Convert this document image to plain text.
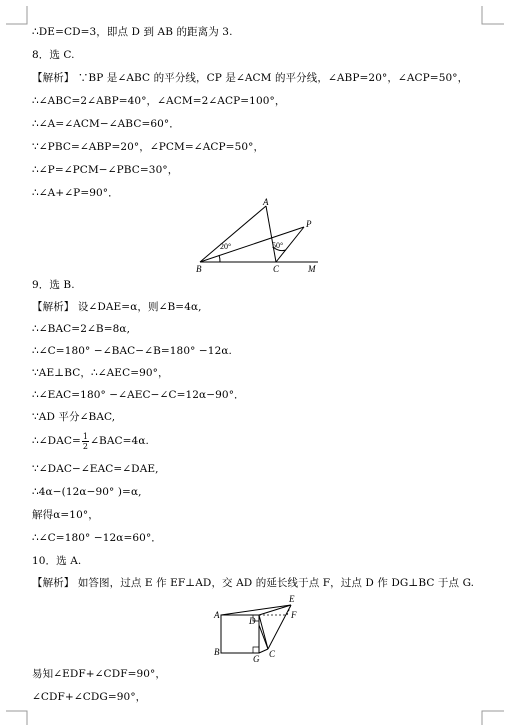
∴DE=CD=3，即点 D 到 AB 的距离为 3.
8．选 C.
【解析】 ∵BP 是∠ABC 的平分线，CP 是∠ACM 的平分线，∠ABP=20°，∠ACP=50°，
∴∠ABC=2∠ABP=40°，∠ACM=2∠ACP=100°，
∴∠A=∠ACM−∠ABC=60°．
∵∠PBC=∠ABP=20°，∠PCM=∠ACP=50°，
∴∠P=∠PCM−∠PBC=30°，
∴∠A+∠P=90°．
A
B	C
P
M
20°	50°
9．选 B.
【解析】 设∠DAE=α，则∠B=4α,
∴∠BAC=2∠B=8α,
∴∠C=180° −∠BAC−∠B=180° −12α.
∵AE⊥BC，∴∠AEC=90°，
∴∠EAC=180° −∠AEC−∠C=12α−90°．
∵AD 平分∠BAC,
∴∠DAC= $\frac{1}{2}$ ∠BAC=4α.
∵∠DAC−∠EAC=∠DAE,
∴4α−(12α−90° )=α,
解得α=10°，
∴∠C=180° −12α=60°．
10．选 A.
【解析】 如答图，过点 E 作 EF⊥AD，交 AD 的延长线于点 F，过点 D 作 DG⊥BC 于点 G.
A
B
D
E
F
G C
易知∠EDF+∠CDF=90°，
∠CDF+∠CDG=90°，
